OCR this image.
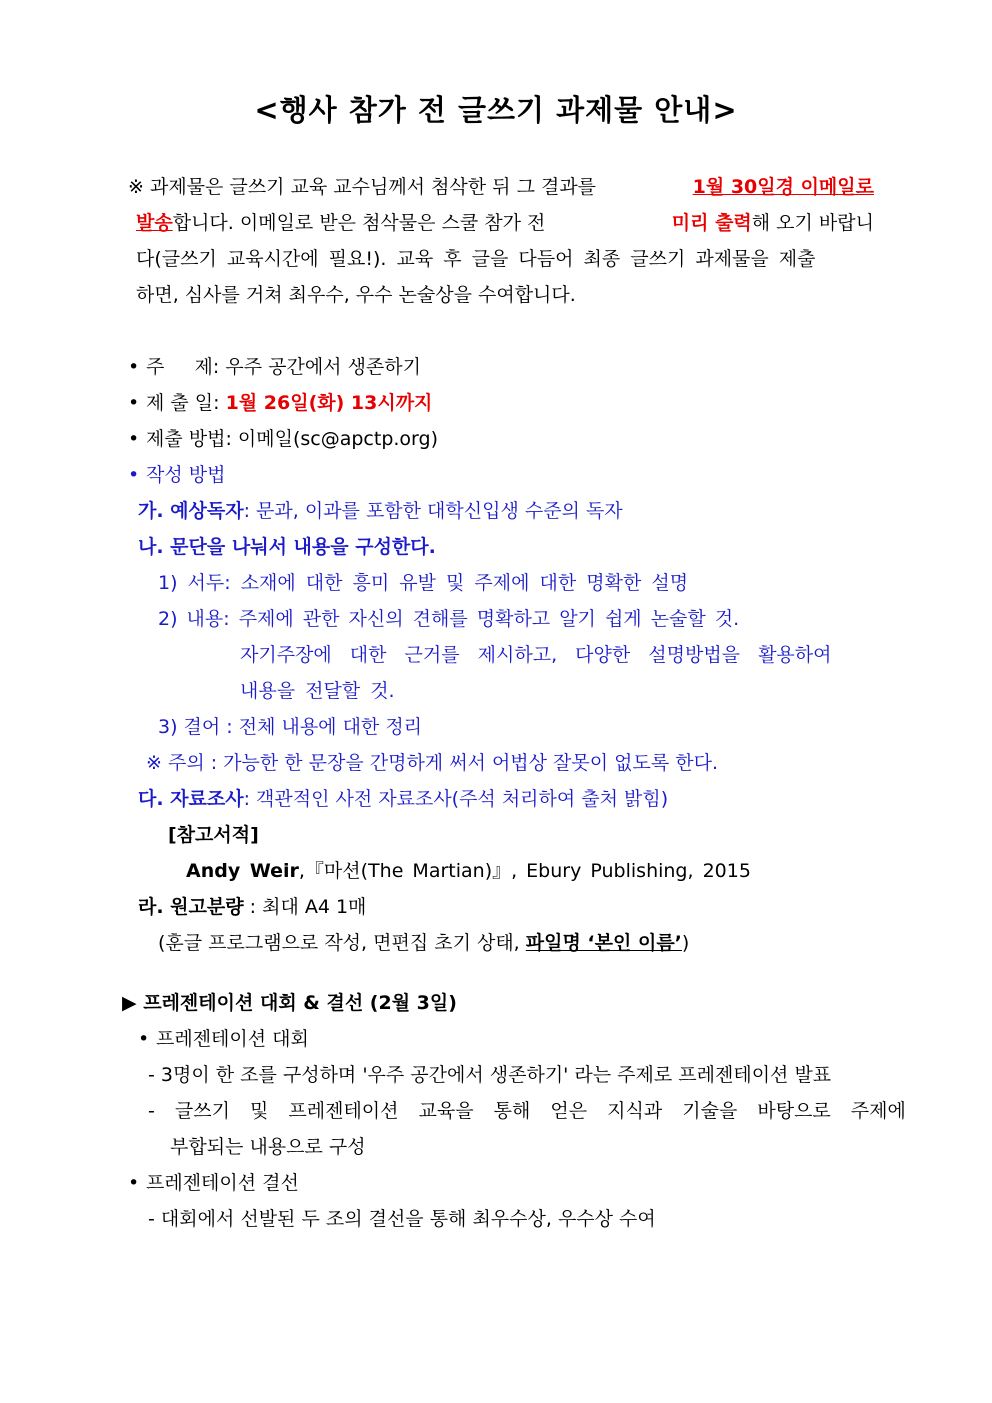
<행사 참가 전 글쓰기 과제물 안내>
※ 과제물은 글쓰기 교육 교수님께서 첨삭한 뒤 그 결과를	1월 30일경 이메일로
발송합니다. 이메일로 받은 첨삭물은 스쿨 참가 전	미리 출력해 오기 바랍니
다(글쓰기 교육시간에 필요!). 교육 후 글을 다듬어 최종 글쓰기 과제물을 제출
하면, 심사를 거쳐 최우수, 우수 논술상을 수여합니다.
• 주     제: 우주 공간에서 생존하기
• 제 출 일: 1월 26일(화) 13시까지
• 제출 방법: 이메일(sc@apctp.org)
• 작성 방법
가. 예상독자: 문과, 이과를 포함한 대학신입생 수준의 독자
나. 문단을 나눠서 내용을 구성한다.
1) 서두: 소재에 대한 흥미 유발 및 주제에 대한 명확한 설명
2) 내용: 주제에 관한 자신의 견해를 명확하고 알기 쉽게 논술할 것.
자기주장에 대한 근거를 제시하고, 다양한 설명방법을 활용하여
내용을 전달할 것.
3) 결어 : 전체 내용에 대한 정리
※ 주의 : 가능한 한 문장을 간명하게 써서 어법상 잘못이 없도록 한다.
다. 자료조사: 객관적인 사전 자료조사(주석 처리하여 출처 밝힘)
[참고서적]
Andy Weir,『마션(The Martian)』, Ebury Publishing, 2015
라. 원고분량 : 최대 A4 1매
(훈글 프로그램으로 작성, 면편집 초기 상태, 파일명 ‘본인 이름’)
▶ 프레젠테이션 대회 & 결선 (2월 3일)
• 프레젠테이션 대회
- 3명이 한 조를 구성하며 '우주 공간에서 생존하기' 라는 주제로 프레젠테이션 발표
- 글쓰기 및 프레젠테이션 교육을 통해 얻은 지식과 기술을 바탕으로 주제에
부합되는 내용으로 구성
• 프레젠테이션 결선
- 대회에서 선발된 두 조의 결선을 통해 최우수상, 우수상 수여
